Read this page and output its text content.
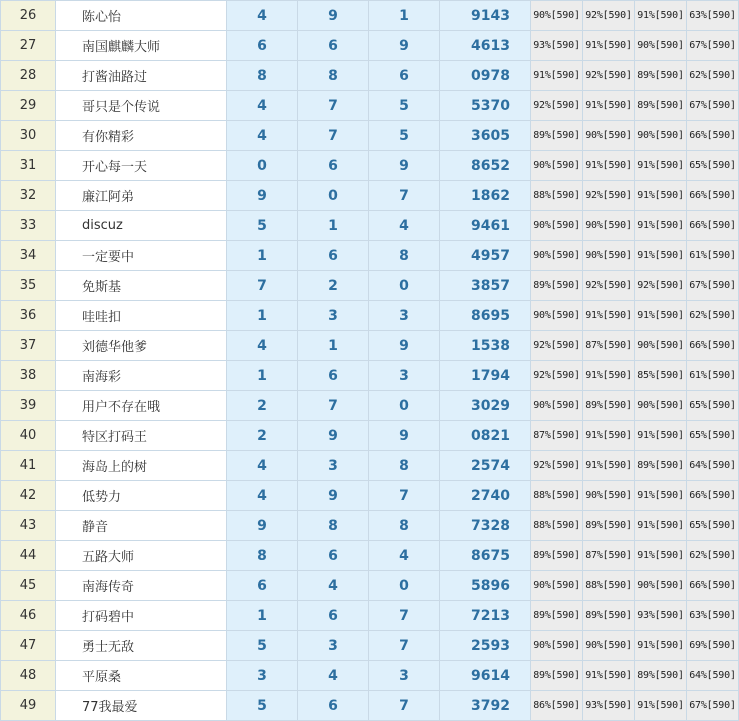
26	陈心怡	4	9	1	9143	90%[590]	92%[590]	91%[590]	63%[590]
27	南国麒麟大师	6	6	9	4613	93%[590]	91%[590]	90%[590]	67%[590]
28	打酱油路过	8	8	6	0978	91%[590]	92%[590]	89%[590]	62%[590]
29	哥只是个传说	4	7	5	5370	92%[590]	91%[590]	89%[590]	67%[590]
30	有你精彩	4	7	5	3605	89%[590]	90%[590]	90%[590]	66%[590]
31	开心每一天	0	6	9	8652	90%[590]	91%[590]	91%[590]	65%[590]
32	廉江阿弟	9	0	7	1862	88%[590]	92%[590]	91%[590]	66%[590]
33	discuz	5	1	4	9461	90%[590]	90%[590]	91%[590]	66%[590]
34	一定要中	1	6	8	4957	90%[590]	90%[590]	91%[590]	61%[590]
35	免斯基	7	2	0	3857	89%[590]	92%[590]	92%[590]	67%[590]
36	哇哇扣	1	3	3	8695	90%[590]	91%[590]	91%[590]	62%[590]
37	刘德华他爹	4	1	9	1538	92%[590]	87%[590]	90%[590]	66%[590]
38	南海彩	1	6	3	1794	92%[590]	91%[590]	85%[590]	61%[590]
39	用户不存在哦	2	7	0	3029	90%[590]	89%[590]	90%[590]	65%[590]
40	特区打码王	2	9	9	0821	87%[590]	91%[590]	91%[590]	65%[590]
41	海岛上的树	4	3	8	2574	92%[590]	91%[590]	89%[590]	64%[590]
42	低势力	4	9	7	2740	88%[590]	90%[590]	91%[590]	66%[590]
43	静音	9	8	8	7328	88%[590]	89%[590]	91%[590]	65%[590]
44	五路大师	8	6	4	8675	89%[590]	87%[590]	91%[590]	62%[590]
45	南海传奇	6	4	0	5896	90%[590]	88%[590]	90%[590]	66%[590]
46	打码碧中	1	6	7	7213	89%[590]	89%[590]	93%[590]	63%[590]
47	勇士无敌	5	3	7	2593	90%[590]	90%[590]	91%[590]	69%[590]
48	平原桑	3	4	3	9614	89%[590]	91%[590]	89%[590]	64%[590]
49	77我最爱	5	6	7	3792	86%[590]	93%[590]	91%[590]	67%[590]
